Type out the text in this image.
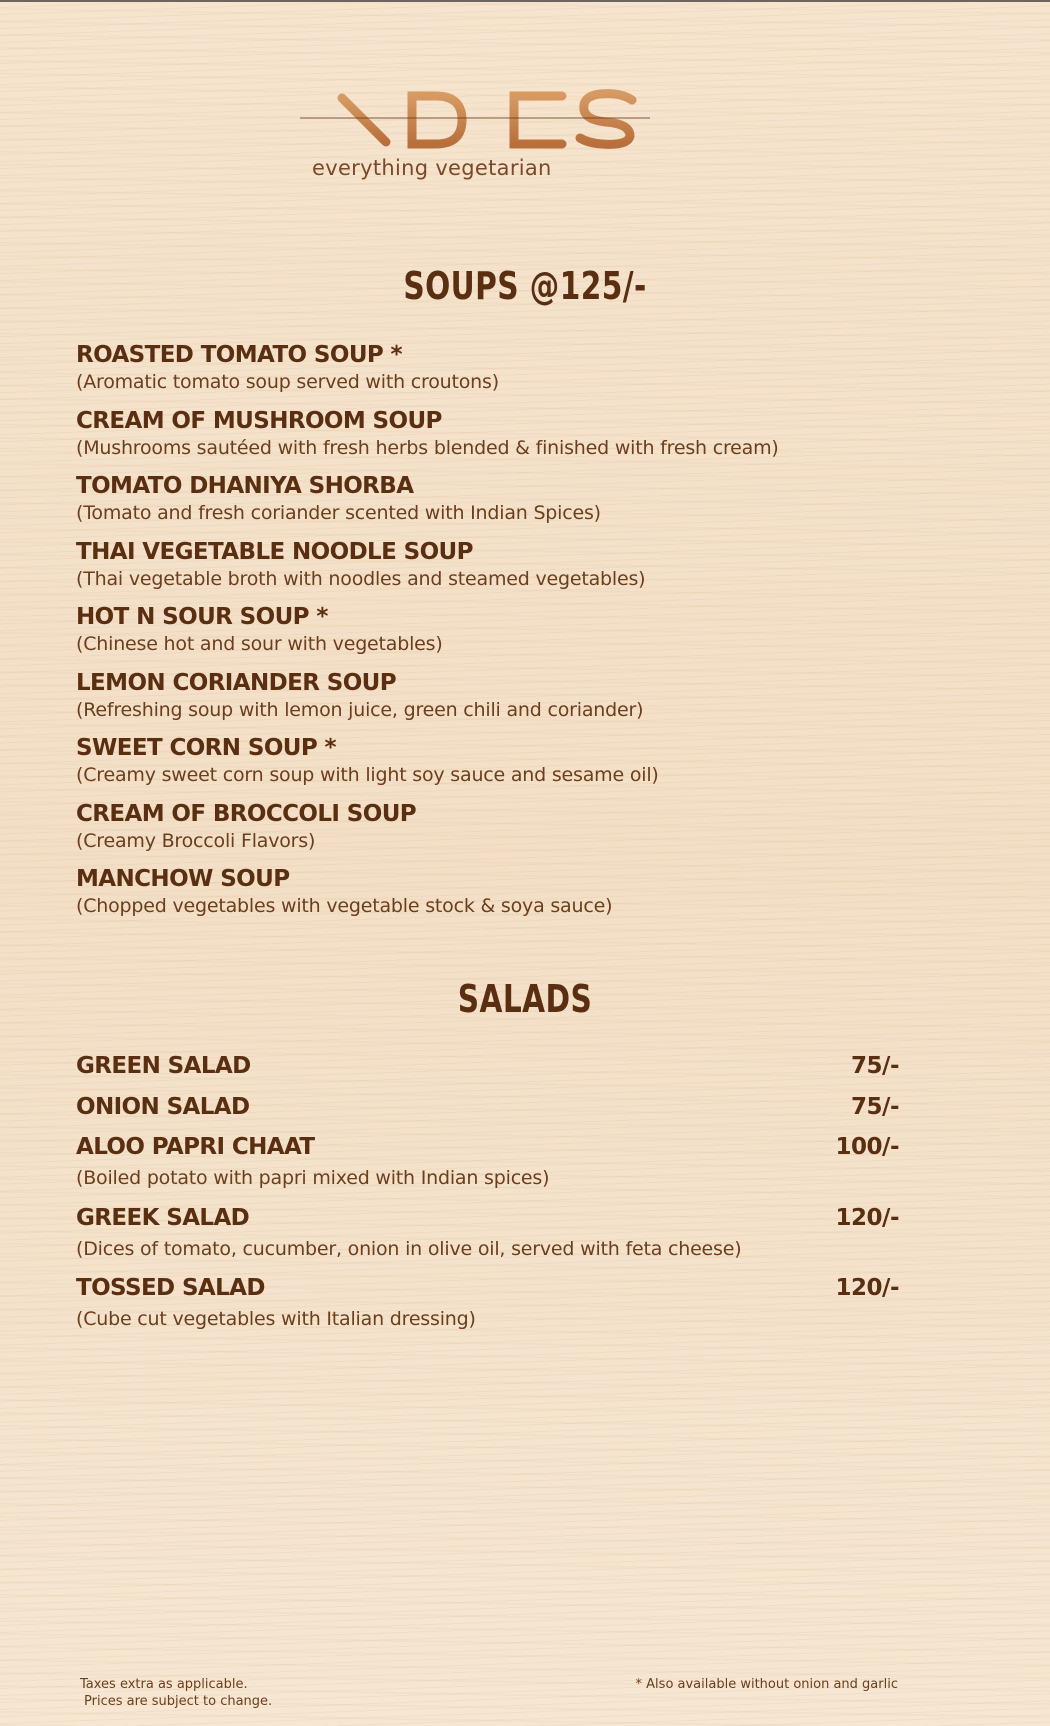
everything vegetarian
SOUPS @125/-
ROASTED TOMATO SOUP *
(Aromatic tomato soup served with croutons)
CREAM OF MUSHROOM SOUP
(Mushrooms sautéed with fresh herbs blended & finished with fresh cream)
TOMATO DHANIYA SHORBA
(Tomato and fresh coriander scented with Indian Spices)
THAI VEGETABLE NOODLE SOUP
(Thai vegetable broth with noodles and steamed vegetables)
HOT N SOUR SOUP *
(Chinese hot and sour with vegetables)
LEMON CORIANDER SOUP
(Refreshing soup with lemon juice, green chili and coriander)
SWEET CORN SOUP *
(Creamy sweet corn soup with light soy sauce and sesame oil)
CREAM OF BROCCOLI SOUP
(Creamy Broccoli Flavors)
MANCHOW SOUP
(Chopped vegetables with vegetable stock & soya sauce)
SALADS
GREEN SALAD	75/-
ONION SALAD	75/-
ALOO PAPRI CHAAT	100/-
(Boiled potato with papri mixed with Indian spices)
GREEK SALAD	120/-
(Dices of tomato, cucumber, onion in olive oil, served with feta cheese)
TOSSED SALAD	120/-
(Cube cut vegetables with Italian dressing)
Taxes extra as applicable.
Prices are subject to change.
* Also available without onion and garlic
